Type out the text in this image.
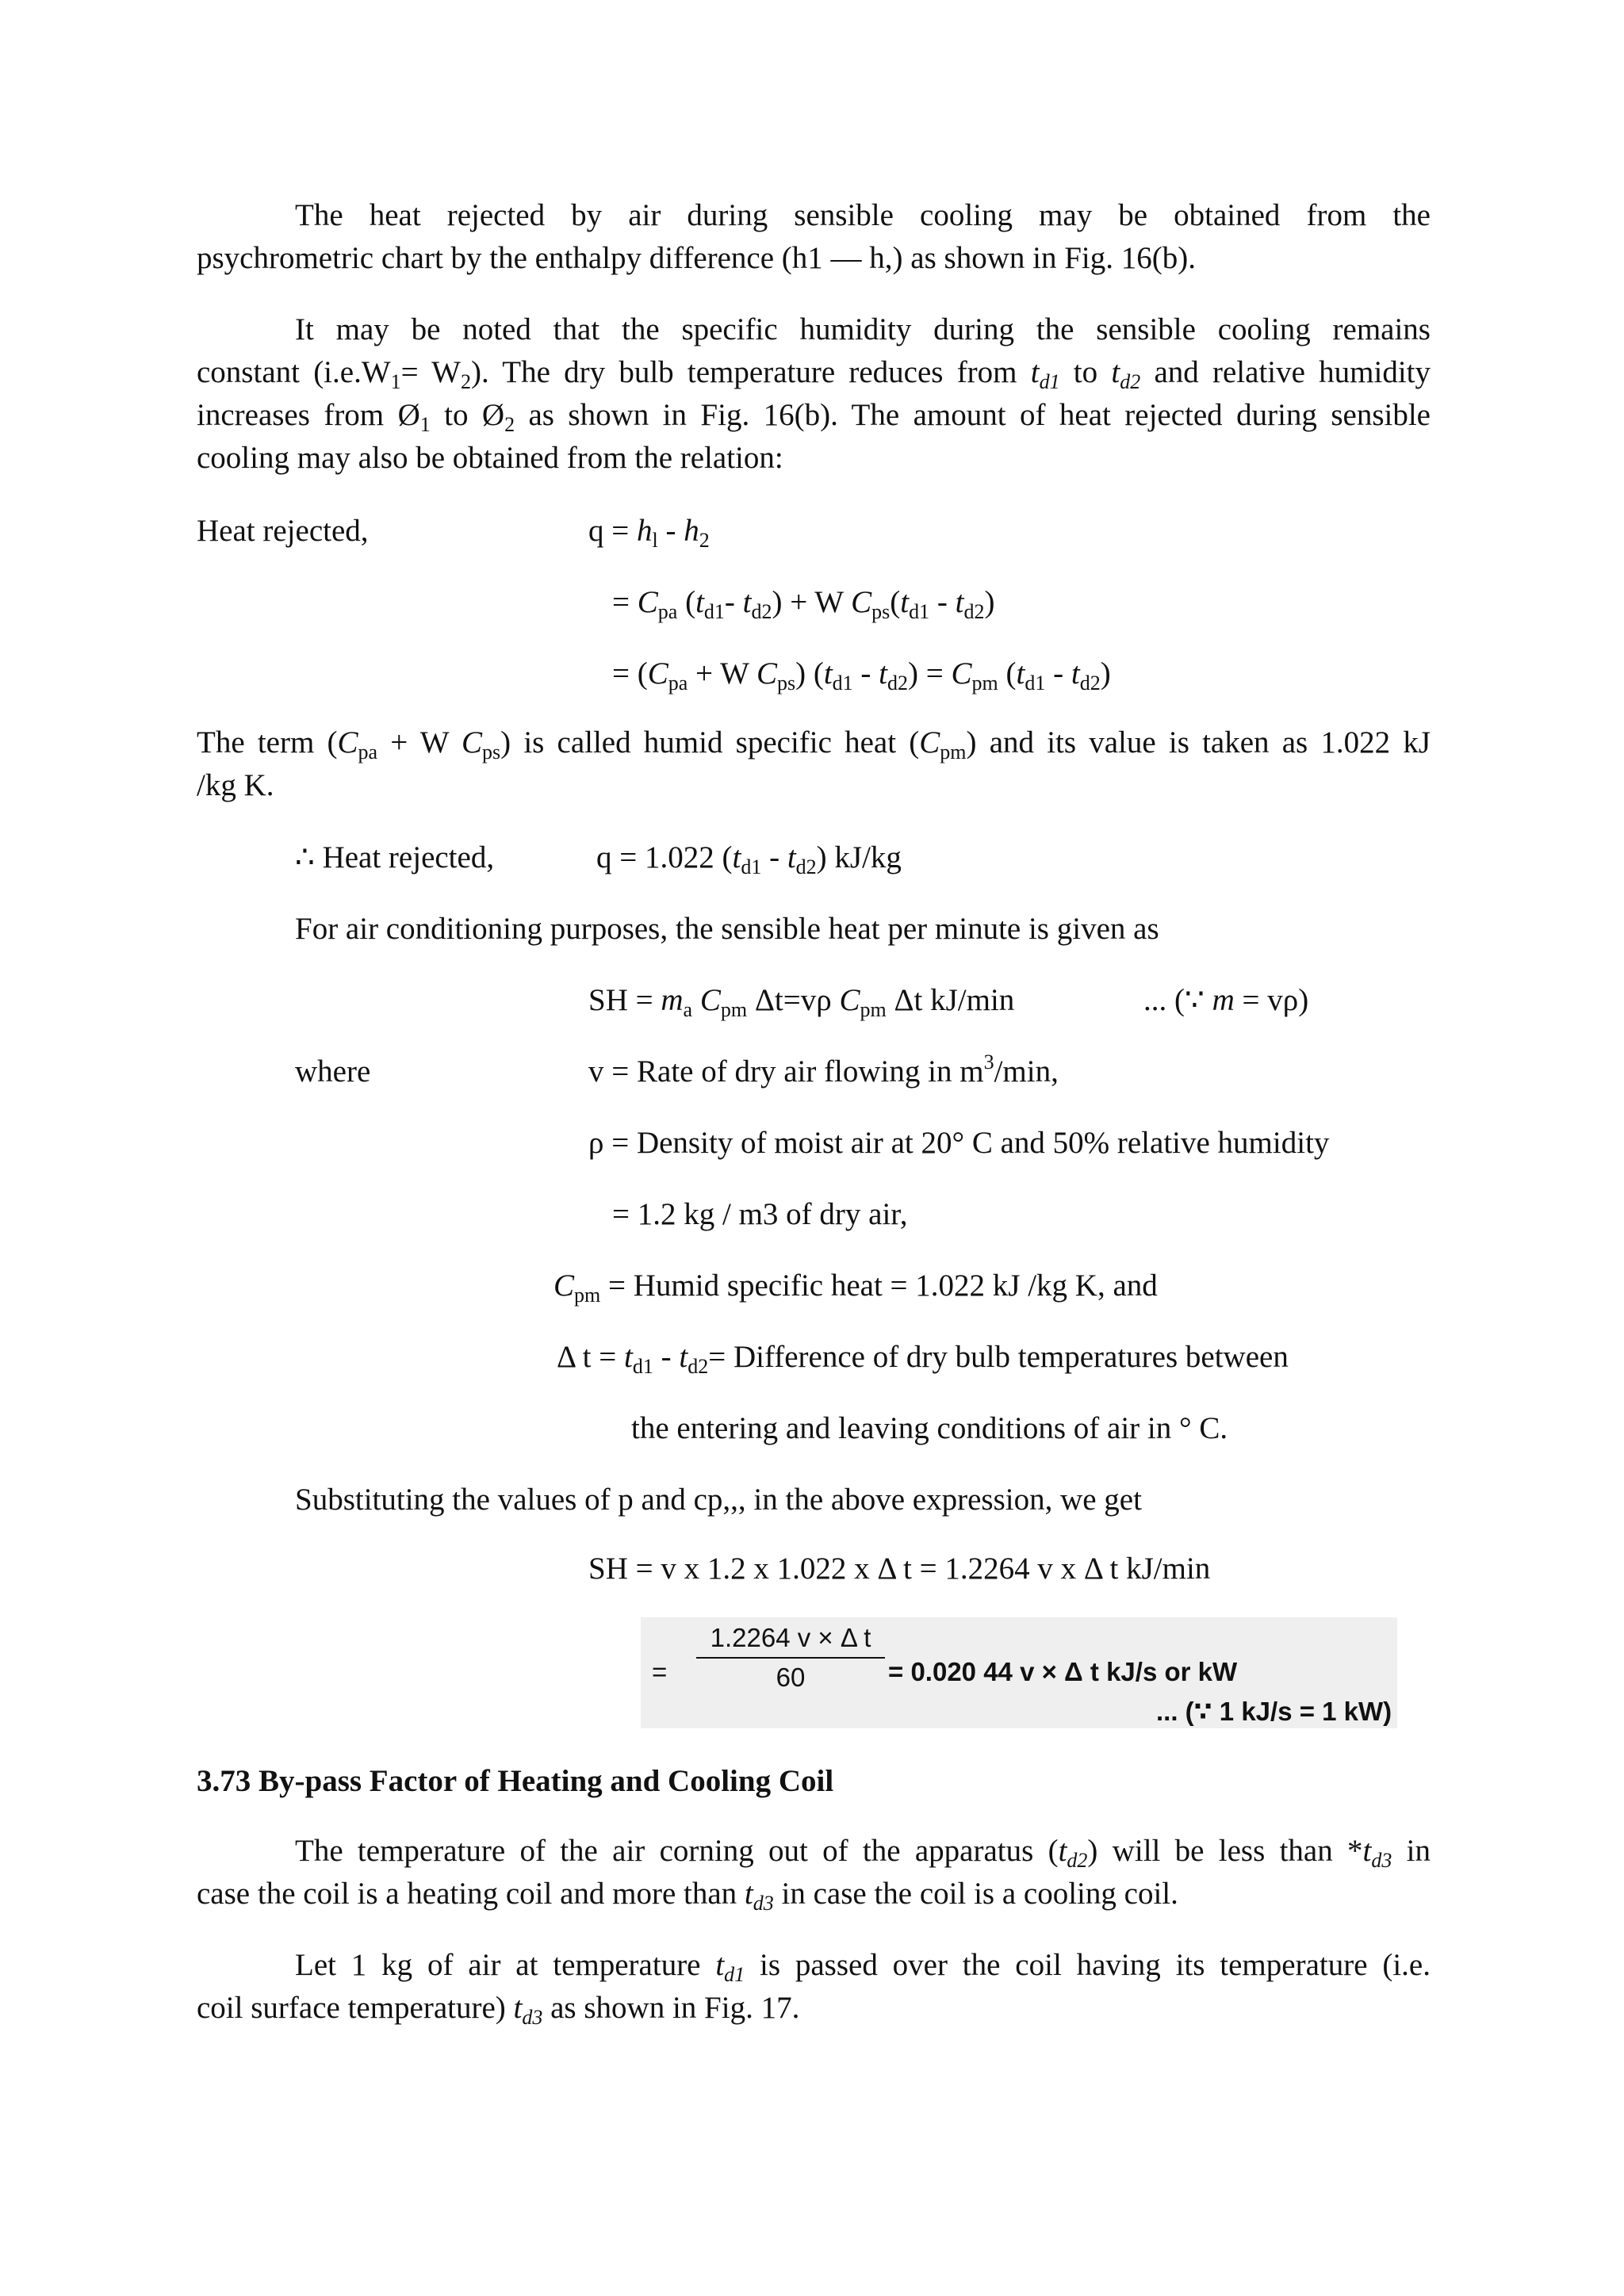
The heat rejected by air during sensible cooling may be obtained from the
psychrometric chart by the enthalpy difference (h1 — h,) as shown in Fig. 16(b).
It may be noted that the specific humidity during the sensible cooling remains
constant $(i.e.W_1= W_2)$. The dry bulb temperature reduces from $t_{d1}$ to $t_{d2}$ and relative humidity
increases from $Ø_1$ to $Ø_2$ as shown in Fig. 16(b). The amount of heat rejected during sensible
cooling may also be obtained from the relation:
Heat rejected,	$q = h_l - h_2$
= $C_{pa}$ ($t_{d1}-$ $t_{d2}) + W$ $C_{ps}(t_{d1} - t_{d2})$
= ($C_{pa} + W$ $C_{ps}$) $(t_{d1} - t_{d2}) = C_{pm}$ $(t_{d1} - t_{d2})$
The term ($C_{pa} + W$ $C_{ps}$) is called humid specific heat $(C_{pm})$ and its value is taken as 1.022 kJ
/kg K.
∴ Heat rejected,	q = 1.022 $(t_{d1} - t_{d2})$ kJ/kg
For air conditioning purposes, the sensible heat per minute is given as
SH = $m_a$ $C_{pm}$ Δt=vρ $C_{pm}$ Δt kJ/min	... (∵ m = vρ)
where	v = Rate of dry air flowing in $m^3/\min$,
ρ = Density of moist air at 20° C and 50% relative humidity
= 1.2 kg / m3 of dry air,
$C_{pm}$ = Humid specific heat = 1.022 kJ /kg K, and
Δ $t = t_{d1} - t_{d2}=$ Difference of dry bulb temperatures between
the entering and leaving conditions of air in ° C.
Substituting the values of p and cp,,, in the above expression, we get
SH = v x 1.2 x 1.022 x Δ t = 1.2264 v x Δ t kJ/min
=
1.2264 v × Δ t
60	= 0.020 44 v × Δ t kJ/s or kW
... (∵ 1 kJ/s = 1 kW)
3.73 By-pass Factor of Heating and Cooling Coil
The temperature of the air corning out of the apparatus $(t_{d2})$ will be less than $*t_{d3}$ in
case the coil is a heating coil and more than $t_{d3}$ in case the coil is a cooling coil.
Let 1 kg of air at temperature $t_{d1}$ is passed over the coil having its temperature (i.e.
coil surface temperature) $t_{d3}$ as shown in Fig. 17.
